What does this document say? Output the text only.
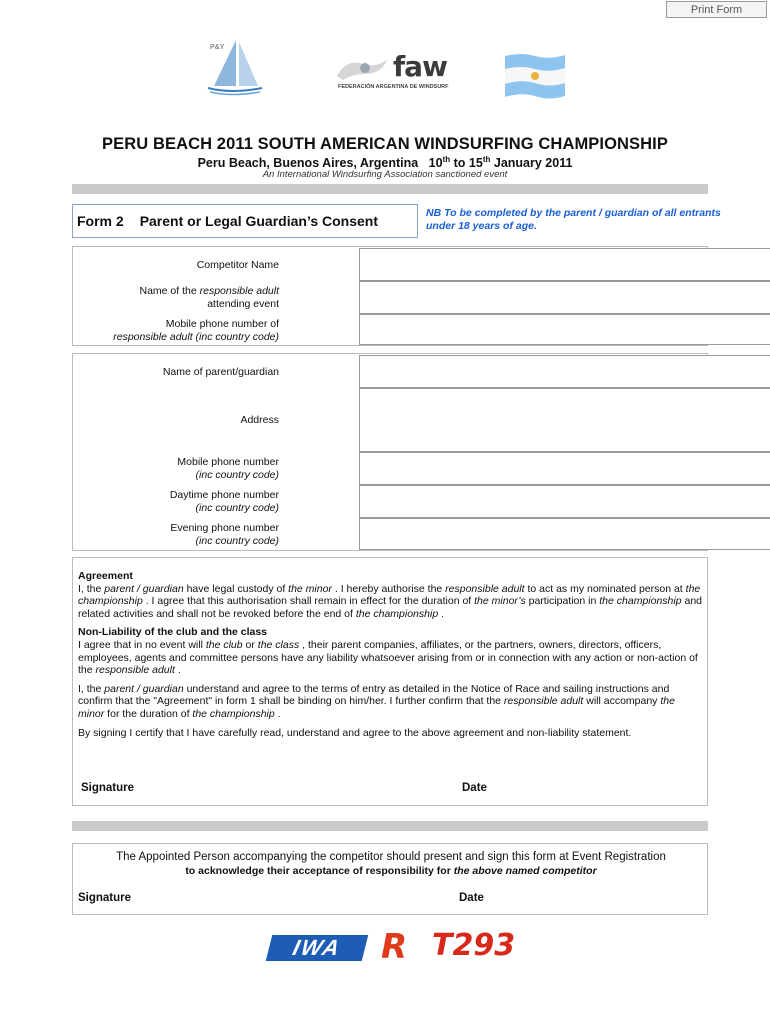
Print Form
P&Y
faw
FEDERACIÓN ARGENTINA DE WINDSURF
PERU BEACH 2011 SOUTH AMERICAN WINDSURFING CHAMPIONSHIP
Peru Beach, Buenos Aires, Argentina 10th to 15th January 2011
An International Windsurfing Association sanctioned event
Form 2 Parent or Legal Guardian’s Consent	NB To be completed by the parent / guardian of all entrants under 18 years of age.
Competitor Name
Name of the responsible adult
attending event
Mobile phone number of
responsible adult (inc country code)
Name of parent/guardian
Address
Mobile phone number
(inc country code)
Daytime phone number
(inc country code)
Evening phone number
(inc country code)
Agreement

I, the parent / guardian have legal custody of the minor . I hereby authorise the responsible adult to act as my nominated person at the championship . I agree that this authorisation shall remain in effect for the duration of the minor’s participation in the championship and related activities and shall not be revoked before the end of the championship .

Non-Liability of the club and the class

I agree that in no event will the club or the class , their parent companies, affiliates, or the partners, owners, directors, officers, employees, agents and committee persons have any liability whatsoever arising from or in connection with any action or non-action of the responsible adult .

I, the parent / guardian understand and agree to the terms of entry as detailed in the Notice of Race and sailing instructions and confirm that the "Agreement" in form 1 shall be binding on him/her. I further confirm that the responsible adult will accompany the minor for the duration of the championship .

By signing I certify that I have carefully read, understand and agree to the above agreement and non-liability statement.

Signature	Date
The Appointed Person accompanying the competitor should present and sign this form at Event Registration
to acknowledge their acceptance of responsibility for the above named competitor
Signature	Date
IWA	R T293
